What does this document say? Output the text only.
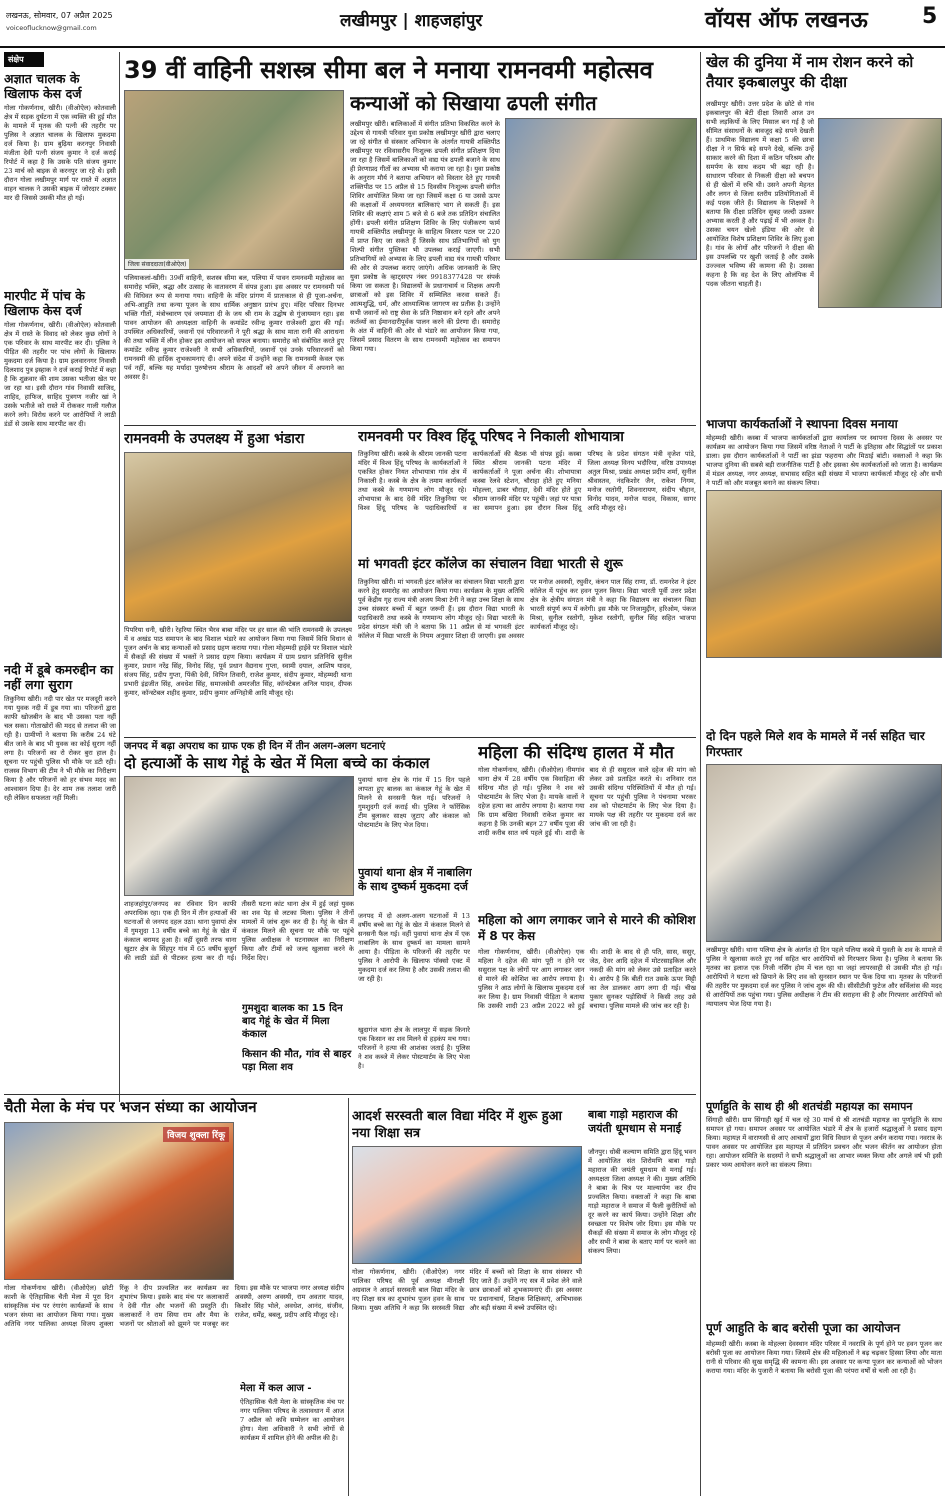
लखनऊ, सोमवार, 07 अप्रैल 2025
voiceoflucknow@gmail.com	लखीमपुर | शाहजहांपुर	वॉयस ऑफ लखनऊ 5
संक्षेप
अज्ञात चालक के खिलाफ केस दर्ज
गोला गोकर्णनाथ, खीरी। (वीओऐल) कोतवाली क्षेत्र में सड़क दुर्घटना में एक व्यक्ति की हुई मौत के मामले में मृतक की पत्नी की तहरीर पर पुलिस ने अज्ञात चालक के खिलाफ मुकदमा दर्ज किया है। ग्राम बुढ़िया करनपुर निवासी मंजीता देवी पत्नी संजय कुमार ने दर्ज कराई रिपोर्ट में कहा है कि उसके पति संजय कुमार 23 मार्च को बाइक से करनपुर जा रहे थे। इसी दौरान गोला लखीमपुर मार्ग पर रास्ते में अज्ञात वाहन चालक ने उसकी बाइक में जोरदार टक्कर मार दी जिससे उसकी मौत हो गई।
मारपीट में पांच के खिलाफ केस दर्ज
गोला गोकर्णनाथ, खीरी। (वीओऐल) कोतवाली क्षेत्र में रास्ते के विवाद को लेकर कुछ लोगों ने एक परिवार के साथ मारपीट कर दी। पुलिस ने पीड़ित की तहरीर पर पांच लोगों के खिलाफ मुकदमा दर्ज किया है। ग्राम इलवारनगर निवासी दिलशाद पुत्र इस्हाक ने दर्ज कराई रिपोर्ट में कहा है कि शुक्रवार की शाम उसका भतीजा खेत पर जा रहा था। इसी दौरान गांव निवासी साजिद, शाहिद, हाफिज, साहिद पुत्रगण नजीर खां ने उसके भतीजे को रास्ते में रोककर गाली गलौज करने लगे। विरोध करने पर आरोपियों ने लाठी डंडों से उसके साथ मारपीट कर दी।
नदी में डूबे कमरुद्दीन का नहीं लगा सुराग
तिकुनिया खीरी। नदी पार खेत पर मजदूरी करने गया युवक नदी में डूब गया था। परिजनों द्वारा काफी खोजबीन के बाद भी उसका पता नहीं चल सका। गोताखोरों की मदद से तलाश की जा रही है। ग्रामीणों ने बताया कि करीब 24 घंटे बीत जाने के बाद भी युवक का कोई सुराग नहीं लगा है। परिजनों का रो रोकर बुरा हाल है। सूचना पर पहुंची पुलिस भी मौके पर डटी रही। राजस्व विभाग की टीम ने भी मौके का निरीक्षण किया है और परिजनों को हर संभव मदद का आश्वासन दिया है। देर शाम तक तलाश जारी रही लेकिन सफलता नहीं मिली।
39 वीं वाहिनी सशस्त्र सीमा बल ने मनाया रामनवमी महोत्सव
जिला संवाददाता(वीओऐल)
पलियाकलां-खीरी। 39वीं वाहिनी, सशस्त्र सीमा बल, पलिया में पावन रामनवमी महोत्सव का समारोह भक्ति, श्रद्धा और उत्साह के वातावरण में संपन्न हुआ। इस अवसर पर रामनवमी पर्व की विधिवत रूप से मनाया गया। वाहिनी के मंदिर प्रांगण में प्रातःकाल से ही पूजा-अर्चना, अभि-आहुति तथा कन्या पूजन के साथ धार्मिक अनुष्ठान प्रारंभ हुए। मंदिर परिसर दिनभर भक्ति गीतों, मंत्रोच्चारण एवं जयमाता दी के जय श्री राम के उद्घोष से गुंजायमान रहा। इस पावन आयोजन की अध्यक्षता वाहिनी के कमांडेंट रवीन्द्र कुमार राजेश्वरी द्वारा की गई। उपस्थित अधिकारियों, जवानों एवं परिवारजनों ने पूरी श्रद्धा के साथ माता रानी की आराधना की तथा भक्ति में लीन होकर इस आयोजन को सफल बनाया। समारोह को संबोधित करते हुए कमांडेंट रवीन्द्र कुमार राजेश्वरी ने सभी अधिकारियों, जवानों एवं उनके परिवारजनों को रामनवमी की हार्दिक शुभकामनाएं दी। अपने संदेश में उन्होंने कहा कि रामनवमी केवल एक पर्व नहीं, बल्कि यह मर्यादा पुरुषोत्तम श्रीराम के आदर्शों को अपने जीवन में अपनाने का अवसर है।
कन्याओं को सिखाया ढपली संगीत
लखीमपुर खीरी। बालिकाओं में संगीत प्रतिभा विकसित करने के उद्देश्य से गायत्री परिवार युवा प्रकोष्ठ लखीमपुर खीरी द्वारा चलाए जा रहे संगीत से संस्कार अभियान के अंतर्गत गायत्री शक्तिपीठ लखीमपुर पर रविवासरीय निःशुल्क ढपली संगीत प्रशिक्षण दिया जा रहा है जिसमें बालिकाओं को वाद्य यंत्र ढपली बजाने के साथ ही प्रेरणाप्रद गीतों का अभ्यास भी कराया जा रहा है। युवा प्रकोष्ठ के अनुराग मौर्य ने बताया अभियान को विस्तार देते हुए गायत्री शक्तिपीठ पर 15 अप्रैल से 15 दिवसीय निःशुल्क ढपली संगीत शिविर आयोजित किया जा रहा जिसमें कक्षा 6 या उससे ऊपर की कक्षाओं में अध्ययनरत बालिकाएं भाग ले सकती हैं। इस शिविर की कक्षाएं शाम 5 बजे से 6 बजे तक प्रतिदिन संचालित होंगी। ढपली संगीत प्रशिक्षण शिविर के लिए पंजीकरण फार्म गायत्री शक्तिपीठ लखीमपुर के साहित्य विस्तार पटल पर 220 में प्राप्त किए जा सकते हैं जिसके साथ प्रतिभागियों को युग शिल्पी संगीत पुस्तिका भी उपलब्ध कराई जाएगी। सभी प्रतिभागियों को अभ्यास के लिए ढपली वाद्य यंत्र गायत्री परिवार की ओर से उपलब्ध कराए जाएंगे। अधिक जानकारी के लिए युवा प्रकोष्ठ के व्हाट्सएप नंबर 9918377428 पर संपर्क किया जा सकता है। विद्यालयों के प्रधानाचार्य व शिक्षक अपनी छात्राओं को इस शिविर में सम्मिलित करवा सकते हैं। आत्मशुद्धि, धर्म, और आध्यात्मिक जागरण का प्रतीक है। उन्होंने सभी जवानों को राष्ट्र सेवा के प्रति निष्ठावान बने रहने और अपने कर्तव्यों का ईमानदारीपूर्वक पालन करने की प्रेरणा दी। समारोह के अंत में वाहिनी की ओर से भंडारे का आयोजन किया गया, जिसमें प्रसाद वितरण के साथ रामनवमी महोत्सव का समापन किया गया।
रामनवमी के उपलक्ष्य में हुआ भंडारा
पिपरिया धनी, खीरी। रेहरिया स्थित भैरव बाबा मंदिर पर हर साल की भांति रामनवमी के उपलक्ष्य में व अखंड पाठ समापन के बाद विशाल भंडारे का आयोजन किया गया जिसमें विधि विधान से पूजन अर्चन के बाद कन्याओं को प्रसाद ग्रहण कराया गया। गोला मोहम्मदी हाईवे पर विशाल भंडारे में सैकड़ों की संख्या में भक्तों ने प्रसाद ग्रहण किया। कार्यक्रम में ग्राम प्रधान प्रतिनिधि सुनील कुमार, प्रधान नरेंद्र सिंह, विनोद सिंह, पूर्व प्रधान वैद्यनाथ गुप्ता, स्वामी दयाल, आशिष यादव, संजय सिंह, प्रदीप गुप्ता, पिंकी देवी, विपिन तिवारी, राजेश कुमार, संदीप कुमार, मोहम्मदी थाना प्रभारी इंद्रजीत सिंह, अवधेश सिंह, समाजसेवी अमरजीत सिंह, कॉन्स्टेबल अनिल यादव, दीपक कुमार, कॉन्स्टेबल शहीद कुमार, प्रदीप कुमार अग्निहोत्री आदि मौजूद रहे।
रामनवमी पर विश्व हिंदू परिषद ने निकाली शोभायात्रा
तिकुनिया खीरी। कस्बे के श्रीराम जानकी पटना मंदिर में विश्व हिंदू परिषद के कार्यकर्ताओं ने एकत्रित होकर नियत शोभायात्रा गांव क्षेत्र में निकाली है। कस्बे के क्षेत्र के तमाम कार्यकर्ता तथा कस्बे के गणमान्य लोग मौजूद रहे। शोभायात्रा के बाद देवी मंदिर तिकुनिया पर विश्व हिंदू परिषद के पदाधिकारियों व कार्यकर्ताओं की बैठक भी संपन्न हुई। कस्बा स्थित श्रीराम जानकी पटना मंदिर में कार्यकर्ताओं ने पूजा अर्चना की। शोभायात्रा कस्बा रेलवे स्टेशन, चौराहा होते हुए मनिया मोहल्ला, डाबर चौराहा, देवी मंदिर होते हुए श्रीराम जानकी मंदिर पर पहुंची। जहां पर यात्रा का समापन हुआ। इस दौरान विश्व हिंदू परिषद के प्रदेश संगठन मंत्री वृजेश पांडे, जिला अध्यक्ष विनय भदौरिया, वरिष्ठ उपाध्यक्ष अतुल मिश्रा, प्रखंड अध्यक्ष प्रदीप शर्मा, सुनील श्रीवास्तव, नंदकिशोर जैन, राकेश निगम, मनोज रस्तोगी, शिवनारायण, संदीप चौहान, विनोद यादव, मनोज यादव, विकास, सागर आदि मौजूद रहे।
मां भगवती इंटर कॉलेज का संचालन विद्या भारती से शुरू
तिकुनिया खीरी। मां भगवती इंटर कॉलेज का संचालन विद्या भारती द्वारा करने हेतु समारोह का आयोजन किया गया। कार्यक्रम के मुख्य अतिथि पूर्व केंद्रीय गृह राज्य मंत्री अजय मिश्रा टेनी ने कहा उच्च शिक्षा के साथ उच्च संस्कार बच्चों में बहुत जरूरी हैं। इस दौरान विद्या भारती के पदाधिकारी तथा कस्बे के गणमान्य लोग मौजूद रहे। विद्या भारती के प्रदेश संगठन मंत्री जी ने बताया कि 11 अप्रैल से मां भगवती इंटर कॉलेज में विद्या भारती के नियम अनुसार शिक्षा दी जाएगी। इस अवसर पर मनोज अवस्थी, रघुवीर, कंचन पाल सिंह राणा, डॉ. रामनरेश ने इंटर कॉलेज में पहुंच कर हवन पूजन किया। विद्या भारती पूर्वी उत्तर प्रदेश क्षेत्र के क्षेत्रीय संगठन मंत्री ने कहा कि विद्यालय का संचालन विद्या भारती संपूर्ण रूप में करेगी। इस मौके पर निजामुद्दीन, हरिओम, पंकज मिश्रा, सुनील रस्तोगी, मुकेश रस्तोगी, सुनील सिंह सहित भाजपा कार्यकर्ता मौजूद रहे।
जनपद में बढ़ा अपराध का ग्राफ एक ही दिन में तीन अलग-अलग घटनाएं
दो हत्याओं के साथ गेहूं के खेत में मिला बच्चे का कंकाल
शाहजहांपुर/जनपद का रविवार दिन काफी अपराधिक रहा। एक ही दिन में तीन हत्याओं की घटनाओं से जनपद दहल उठा। थाना पुवायां क्षेत्र में गुमशुदा 13 वर्षीय बच्चे का गेहूं के खेत में कंकाल बरामद हुआ है। वहीं दूसरी तरफ थाना खुटार क्षेत्र के सिंहपुर गांव में 65 वर्षीय बुजुर्ग की लाठी डंडों से पीटकर हत्या कर दी गई। तीसरी घटना कांट थाना क्षेत्र में हुई जहां युवक का शव पेड़ से लटका मिला। पुलिस ने तीनों मामलों में जांच शुरू कर दी है। गेहूं के खेत में कंकाल मिलने की सूचना पर मौके पर पहुंचे पुलिस अधीक्षक ने घटनास्थल का निरीक्षण किया और टीमों को जल्द खुलासा करने के निर्देश दिए।
गुमशुदा बालक का 15 दिन बाद गेहूं के खेत में मिला कंकाल
पुवायां थाना क्षेत्र के गांव में 15 दिन पहले लापता हुए बालक का कंकाल गेहूं के खेत में मिलने से सनसनी फैल गई। परिजनों ने गुमशुदगी दर्ज कराई थी। पुलिस ने फॉरेंसिक टीम बुलाकर साक्ष्य जुटाए और कंकाल को पोस्टमार्टम के लिए भेज दिया।
पुवायां थाना क्षेत्र में नाबालिग के साथ दुष्कर्म मुकदमा दर्ज
जनपद में दो अलग-अलग घटनाओं में 13 वर्षीय बच्चे का गेहूं के खेत में कंकाल मिलने से सनसनी फैल गई। वहीं पुवायां थाना क्षेत्र में एक नाबालिग के साथ दुष्कर्म का मामला सामने आया है। पीड़िता के परिजनों की तहरीर पर पुलिस ने आरोपी के खिलाफ पॉक्सो एक्ट में मुकदमा दर्ज कर लिया है और उसकी तलाश की जा रही है।
किसान की मौत, गांव से बाहर पड़ा मिला शव
खुदागंज थाना क्षेत्र के लालपुर में सड़क किनारे एक किसान का शव मिलने से हड़कंप मच गया। परिजनों ने हत्या की आशंका जताई है। पुलिस ने शव कब्जे में लेकर पोस्टमार्टम के लिए भेजा है।
महिला की संदिग्ध हालत में मौत
गोला गोकर्णनाथ, खीरी। (वीओऐल) नीमगांव थाना क्षेत्र में 28 वर्षीय एक विवाहिता की संदिग्ध मौत हो गई। पुलिस ने शव को पोस्टमार्टम के लिए भेजा है। मायके वालों ने दहेज हत्या का आरोप लगाया है। बताया गया कि ग्राम बखिरा निवासी राकेश कुमार का कहना है कि उनकी बहन 27 वर्षीय पूजा की शादी करीब सात वर्ष पहले हुई थी। शादी के बाद से ही ससुराल वाले दहेज की मांग को लेकर उसे प्रताड़ित करते थे। शनिवार रात उसकी संदिग्ध परिस्थितियों में मौत हो गई। सूचना पर पहुंची पुलिस ने पंचनामा भरकर शव को पोस्टमार्टम के लिए भेज दिया है। मायके पक्ष की तहरीर पर मुकदमा दर्ज कर जांच की जा रही है।
महिला को आग लगाकर जाने से मारने की कोशिश में 8 पर केस
गोला गोकर्णनाथ, खीरी। (वीओऐल) एक महिला ने दहेज की मांग पूरी न होने पर ससुराल पक्ष के लोगों पर आग लगाकर जान से मारने की कोशिश का आरोप लगाया है। पुलिस ने आठ लोगों के खिलाफ मुकदमा दर्ज कर लिया है। ग्राम निवासी पीड़िता ने बताया कि उसकी शादी 23 अप्रैल 2022 को हुई थी। शादी के बाद से ही पति, सास, ससुर, जेठ, देवर आदि दहेज में मोटरसाइकिल और नकदी की मांग को लेकर उसे प्रताड़ित करते थे। आरोप है कि बीती रात उसके ऊपर मिट्टी का तेल डालकर आग लगा दी गई। चीख पुकार सुनकर पड़ोसियों ने किसी तरह उसे बचाया। पुलिस मामले की जांच कर रही है।
चैती मेला के मंच पर भजन संध्या का आयोजन
विजय शुक्ला रिंकू
गोला गोकर्णनाथ खीरी। (वीओऐल) छोटी काशी के ऐतिहासिक चैती मेला में पूरा दिन सांस्कृतिक मंच पर रंगारंग कार्यक्रमों के साथ भजन संध्या का आयोजन किया गया। मुख्य अतिथि नगर पालिका अध्यक्ष विजय शुक्ला रिंकू ने दीप प्रज्वलित कर कार्यक्रम का शुभारंभ किया। इसके बाद मंच पर कलाकारों ने देवी गीत और भजनों की प्रस्तुति दी। कलाकारों ने राम सिया राम और मैया के भजनों पर श्रोताओं को झूमने पर मजबूर कर दिया। इस मौके पर भाजपा नगर अध्यक्ष संदीप अवस्थी, अरुण अवस्थी, राम अवतार यादव, किशोर सिंह भोले, अवधेश, आनंद, संजीव, राजेश, धर्मेंद्र, बबलू, प्रदीप आदि मौजूद रहे।
मेला में कल आज -
ऐतिहासिक चैती मेला के सांस्कृतिक मंच पर नगर पालिका परिषद के तत्वावधान में आज 7 अप्रैल को कवि सम्मेलन का आयोजन होगा। मेला अधिकारी ने सभी लोगों से कार्यक्रम में शामिल होने की अपील की है।
आदर्श सरस्वती बाल विद्या मंदिर में शुरू हुआ नया शिक्षा सत्र
गोला गोकर्णनाथ, खीरी। (वीओऐल) नगर पालिका परिषद की पूर्व अध्यक्ष मीनाक्षी अग्रवाल ने आदर्श सरस्वती बाल विद्या मंदिर के नए शिक्षा सत्र का शुभारंभ पूजन हवन के साथ किया। मुख्य अतिथि ने कहा कि सरस्वती विद्या मंदिर में बच्चों को शिक्षा के साथ संस्कार भी दिए जाते हैं। उन्होंने नए सत्र में प्रवेश लेने वाले छात्र छात्राओं को शुभकामनाएं दीं। इस अवसर पर प्रधानाचार्य, शिक्षक शिक्षिकाएं, अभिभावक और बड़ी संख्या में बच्चे उपस्थित रहे।
बाबा गाड़ो महाराज की जयंती धूमधाम से मनाई
जौनपुर। धोबी कल्याण समिति द्वारा हिंदू भवन में आयोजित संत शिरोमणि बाबा गाड़ो महाराज की जयंती धूमधाम से मनाई गई। अध्यक्षता जिला अध्यक्ष ने की। मुख्य अतिथि ने बाबा के चित्र पर माल्यार्पण कर दीप प्रज्वलित किया। वक्ताओं ने कहा कि बाबा गाड़ो महाराज ने समाज में फैली कुरीतियों को दूर करने का कार्य किया। उन्होंने शिक्षा और स्वच्छता पर विशेष जोर दिया। इस मौके पर सैकड़ों की संख्या में समाज के लोग मौजूद रहे और सभी ने बाबा के बताए मार्ग पर चलने का संकल्प लिया।
खेल की दुनिया में नाम रोशन करने को तैयार इकबालपुर की दीक्षा
लखीमपुर खीरी। उत्तर प्रदेश के छोटे से गांव इकबालपुर की बेटी दीक्षा तिवारी आज उन सभी लड़कियों के लिए मिसाल बन गई है जो सीमित संसाधनों के बावजूद बड़े सपने देखती हैं। प्राथमिक विद्यालय में कक्षा 5 की छात्रा दीक्षा ने न सिर्फ बड़े सपने देखे, बल्कि उन्हें साकार करने की दिशा में कठिन परिश्रम और समर्पण के साथ कदम भी बढ़ा रही है। साधारण परिवार से निकली दीक्षा को बचपन से ही खेलों में रुचि थी। उसने अपनी मेहनत और लगन से जिला स्तरीय प्रतियोगिताओं में कई पदक जीते हैं। विद्यालय के शिक्षकों ने बताया कि दीक्षा प्रतिदिन सुबह जल्दी उठकर अभ्यास करती है और पढ़ाई में भी अव्वल है। उसका चयन खेलो इंडिया की ओर से आयोजित विशेष प्रशिक्षण शिविर के लिए हुआ है। गांव के लोगों और परिजनों ने दीक्षा की इस उपलब्धि पर खुशी जताई है और उसके उज्ज्वल भविष्य की कामना की है। उसका कहना है कि वह देश के लिए ओलंपिक में पदक जीतना चाहती है।
भाजपा कार्यकर्ताओं ने स्थापना दिवस मनाया
मोहम्मदी खीरी। कस्बा में भाजपा कार्यकर्ताओं द्वारा कार्यालय पर स्थापना दिवस के अवसर पर कार्यक्रम का आयोजन किया गया जिसमें वरिष्ठ नेताओं ने पार्टी के इतिहास और सिद्धांतों पर प्रकाश डाला। इस दौरान कार्यकर्ताओं ने पार्टी का झंडा फहराया और मिठाई बांटी। वक्ताओं ने कहा कि भाजपा दुनिया की सबसे बड़ी राजनीतिक पार्टी है और इसका श्रेय कार्यकर्ताओं को जाता है। कार्यक्रम में मंडल अध्यक्ष, नगर अध्यक्ष, सभासद सहित बड़ी संख्या में भाजपा कार्यकर्ता मौजूद रहे और सभी ने पार्टी को और मजबूत बनाने का संकल्प लिया।
दो दिन पहले मिले शव के मामले में नर्स सहित चार गिरफ्तार
लखीमपुर खीरी। थाना पलिया क्षेत्र के अंतर्गत दो दिन पहले पलिया कस्बे में युवती के शव के मामले में पुलिस ने खुलासा करते हुए नर्स सहित चार आरोपियों को गिरफ्तार किया है। पुलिस ने बताया कि मृतका का इलाज एक निजी नर्सिंग होम में चल रहा था जहां लापरवाही से उसकी मौत हो गई। आरोपियों ने घटना को छिपाने के लिए शव को सुनसान स्थान पर फेंक दिया था। मृतका के परिजनों की तहरीर पर मुकदमा दर्ज कर पुलिस ने जांच शुरू की थी। सीसीटीवी फुटेज और सर्विलांस की मदद से आरोपियों तक पहुंचा गया। पुलिस अधीक्षक ने टीम की सराहना की है और गिरफ्तार आरोपियों को न्यायालय भेज दिया गया है।
पूर्णाहुति के साथ ही श्री शतचंडी महायज्ञ का समापन
सिंगाही खीरी। ग्राम सिंगाही खुर्द में चल रहे 30 मार्च से श्री शतचंडी महायज्ञ का पूर्णाहुति के साथ समापन हो गया। समापन अवसर पर आयोजित भंडारे में क्षेत्र के हजारों श्रद्धालुओं ने प्रसाद ग्रहण किया। महायज्ञ में वाराणसी से आए आचार्यों द्वारा विधि विधान से पूजन अर्चन कराया गया। नवरात्र के पावन अवसर पर आयोजित इस महायज्ञ में प्रतिदिन प्रवचन और भजन कीर्तन का आयोजन होता रहा। आयोजन समिति के सदस्यों ने सभी श्रद्धालुओं का आभार व्यक्त किया और अगले वर्ष भी इसी प्रकार भव्य आयोजन करने का संकल्प लिया।
पूर्ण आहुति के बाद बरोसी पूजा का आयोजन
मोहम्मदी खीरी। कस्बा के मोहल्ला देवस्थान मंदिर परिसर में नवरात्रि के पूर्ण होने पर हवन पूजन कर बरोसी पूजा का आयोजन किया गया। जिसमें क्षेत्र की महिलाओं ने बढ़ चढ़कर हिस्सा लिया और माता रानी से परिवार की सुख समृद्धि की कामना की। इस अवसर पर कन्या पूजन कर कन्याओं को भोजन कराया गया। मंदिर के पुजारी ने बताया कि बरोसी पूजा की परंपरा वर्षों से चली आ रही है।
